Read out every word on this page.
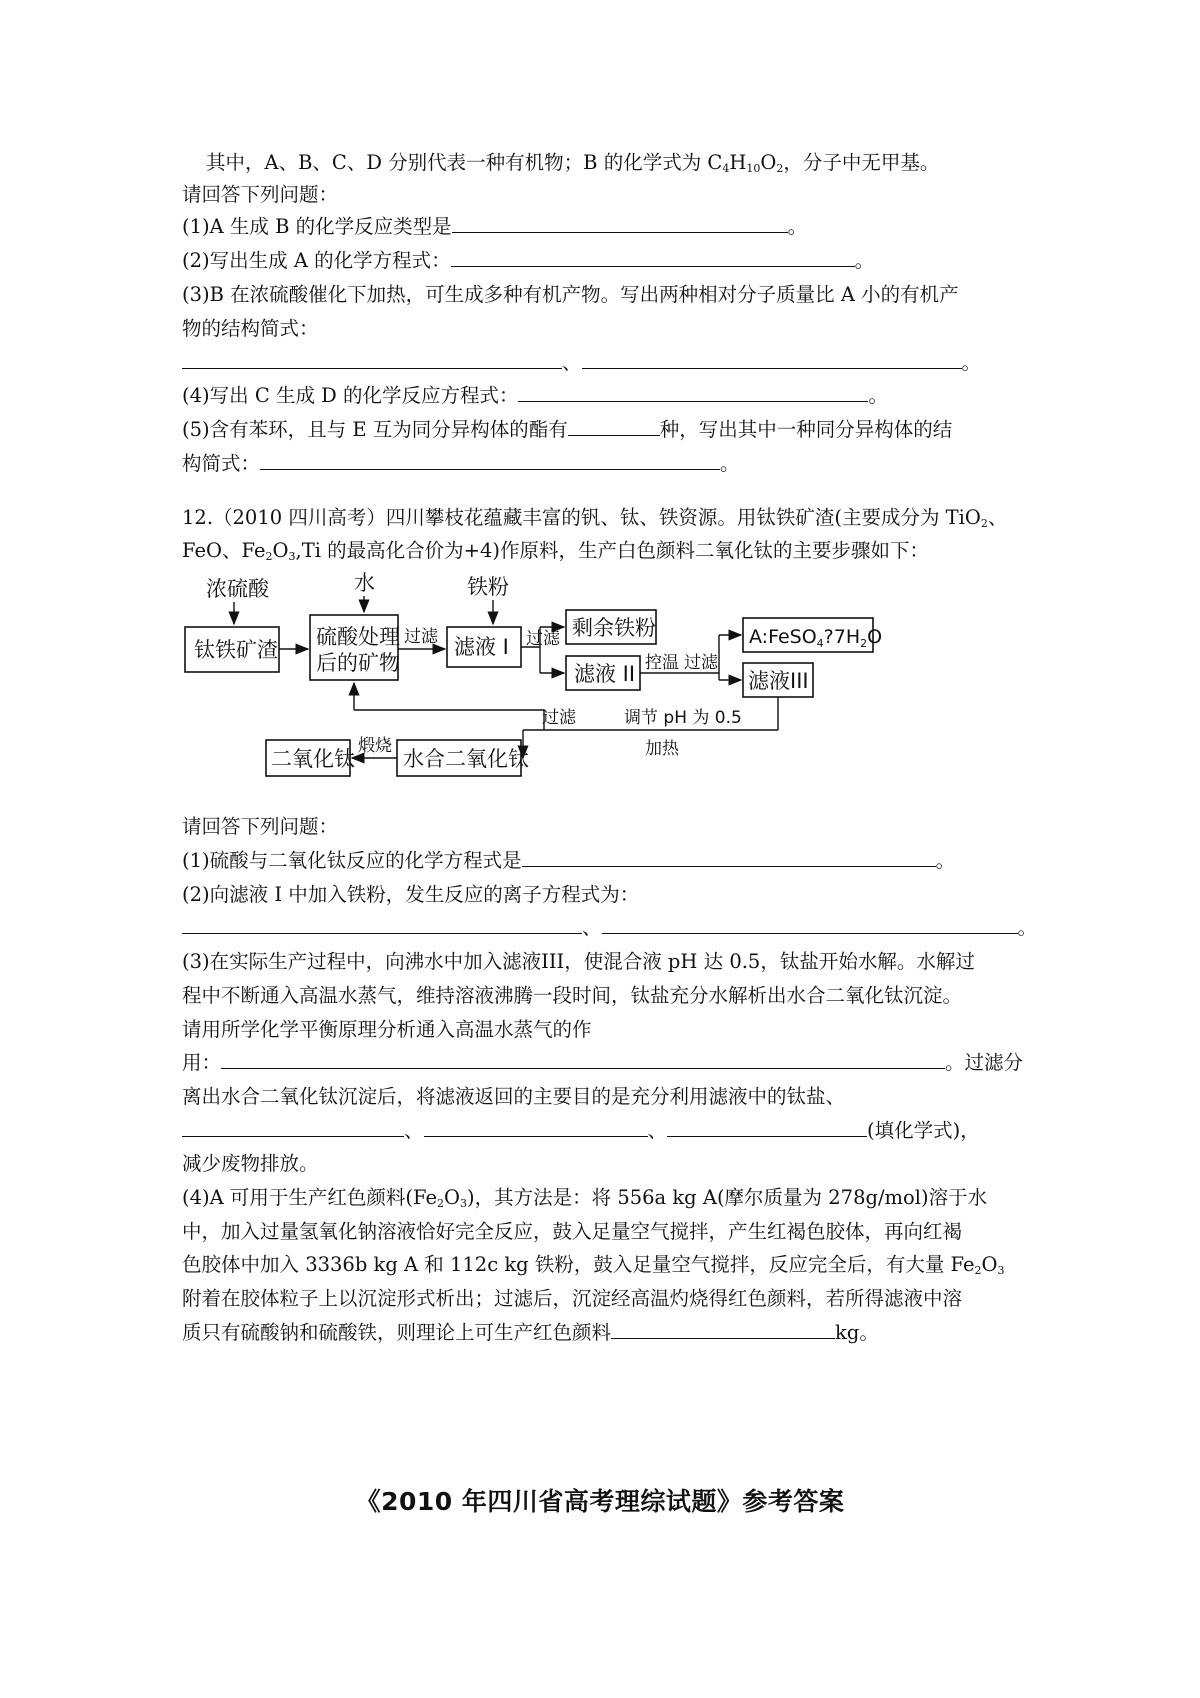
其中，A、B、C、D 分别代表一种有机物；B 的化学式为 $C_4H_{10}O_2$，分子中无甲基。
请回答下列问题：
(1)A 生成 B 的化学反应类型是	。
(2)写出生成 A 的化学方程式：	。
(3)B 在浓硫酸催化下加热，可生成多种有机产物。写出两种相对分子质量比 A 小的有机产
物的结构简式：
、	。
(4)写出 C 生成 D 的化学反应方程式：	。
(5)含有苯环，且与 E 互为同分异构体的酯有	种，写出其中一种同分异构体的结
构简式：	。
12.（2010 四川高考）四川攀枝花蕴藏丰富的钒、钛、铁资源。用钛铁矿渣(主要成分为 TiO$_2$、
FeO、$Fe_2O_3,Ti$ 的最高化合价为+4)作原料，生产白色颜料二氧化钛的主要步骤如下：
浓硫酸	水	铁粉
钛铁矿渣
硫酸处理
后的矿物
滤液 I
剩余铁粉
滤液 II
$A:FeSO_4?7H_2O$
滤液III
二氧化钛 水合二氧化钛
过滤	过滤
控温 过滤
调节 pH 为 0.5
加热
过滤
煅烧
请回答下列问题：
(1)硫酸与二氧化钛反应的化学方程式是	。
(2)向滤液 I 中加入铁粉，发生反应的离子方程式为：
、	。
(3)在实际生产过程中，向沸水中加入滤液III，使混合液 pH 达 0.5，钛盐开始水解。水解过
程中不断通入高温水蒸气，维持溶液沸腾一段时间，钛盐充分水解析出水合二氧化钛沉淀。
请用所学化学平衡原理分析通入高温水蒸气的作
用：	。过滤分
离出水合二氧化钛沉淀后，将滤液返回的主要目的是充分利用滤液中的钛盐、
、	、	(填化学式)，
减少废物排放。
(4)A 可用于生产红色颜料$(Fe_2O_3)$，其方法是：将 556a kg A(摩尔质量为 278g/mol)溶于水
中，加入过量氢氧化钠溶液恰好完全反应，鼓入足量空气搅拌，产生红褐色胶体，再向红褐
色胶体中加入 3336b kg A 和 112c kg 铁粉，鼓入足量空气搅拌，反应完全后，有大量 $Fe_2O_3$
附着在胶体粒子上以沉淀形式析出；过滤后，沉淀经高温灼烧得红色颜料，若所得滤液中溶
质只有硫酸钠和硫酸铁，则理论上可生产红色颜料	kg。
《2010 年四川省高考理综试题》参考答案
